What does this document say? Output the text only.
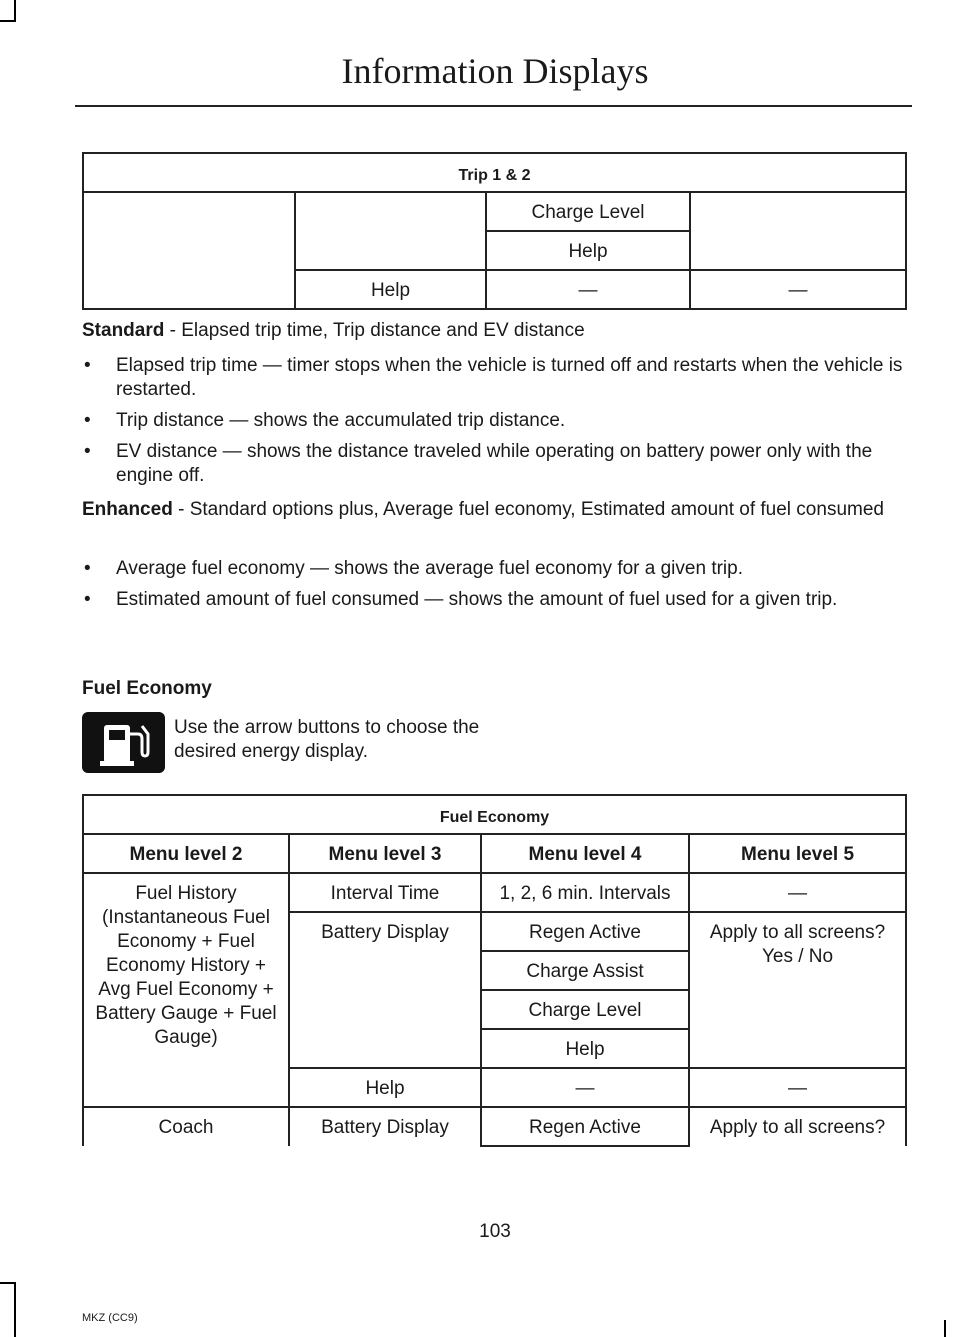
Information Displays
Trip 1 & 2			
		Charge Level	
		Help	
	Help	—	—
Standard - Elapsed trip time, Trip distance and EV distance
• Elapsed trip time — timer stops when the vehicle is turned off and restarts when the vehicle is restarted.
• Trip distance — shows the accumulated trip distance.
• EV distance — shows the distance traveled while operating on battery power only with the engine off.
Enhanced - Standard options plus, Average fuel economy, Estimated amount of fuel consumed
• Average fuel economy — shows the average fuel economy for a given trip.
• Estimated amount of fuel consumed — shows the amount of fuel used for a given trip.
Fuel Economy
Use the arrow buttons to choose the desired energy display.
Fuel Economy			
Menu level 2	Menu level 3	Menu level 4	Menu level 5
Fuel History (Instantaneous Fuel Economy + Fuel Economy History + Avg Fuel Economy + Battery Gauge + Fuel Gauge)	Interval Time	1, 2, 6 min. Intervals	—
	Battery Display	Regen Active	Apply to all screens?
Yes / No
		Charge Assist	
		Charge Level	
		Help	
	Help	—	—
Coach	Battery Display	Regen Active	Apply to all screens?
103
MKZ (CC9)
